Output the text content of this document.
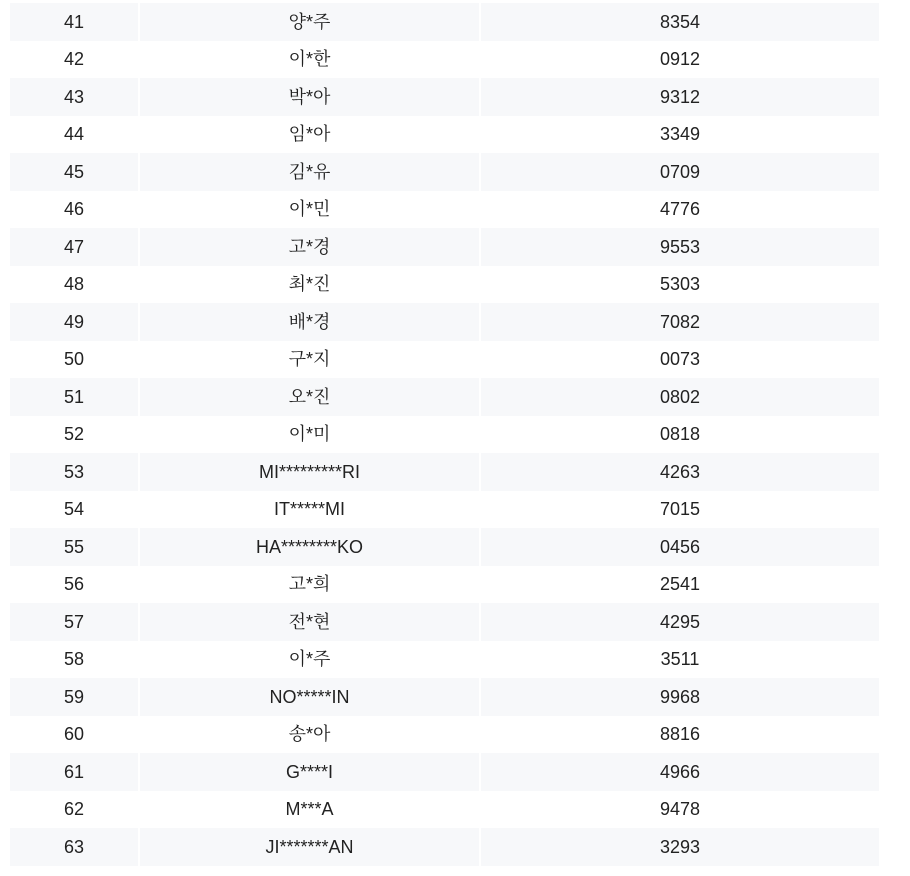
41	양*주	8354
42	이*한	0912
43	박*아	9312
44	임*아	3349
45	김*유	0709
46	이*민	4776
47	고*경	9553
48	최*진	5303
49	배*경	7082
50	구*지	0073
51	오*진	0802
52	이*미	0818
53	MI*********RI	4263
54	IT*****MI	7015
55	HA********KO	0456
56	고*희	2541
57	전*현	4295
58	이*주	3511
59	NO*****IN	9968
60	송*아	8816
61	G****I	4966
62	M***A	9478
63	JI*******AN	3293
